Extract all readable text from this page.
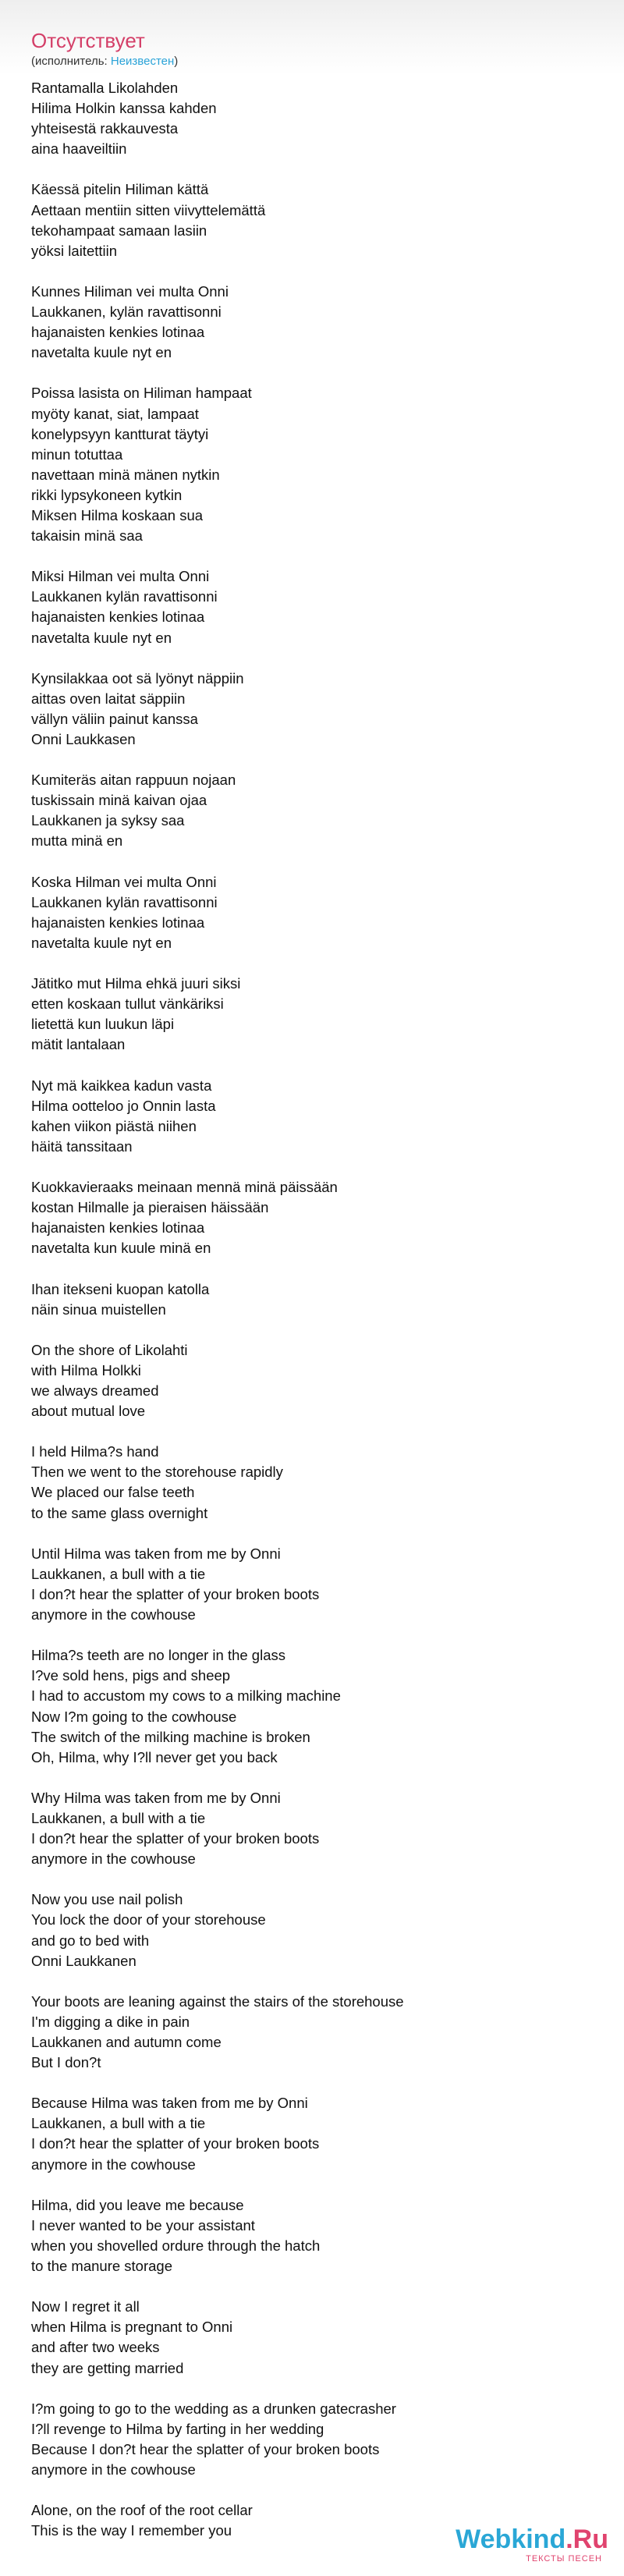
Отсутствует
(исполнитель: Неизвестен)
Rantamalla Likolahden
Hilima Holkin kanssa kahden
yhteisestä rakkauvesta
aina haaveiltiin
Käessä pitelin Hiliman kättä
Aettaan mentiin sitten viivyttelemättä
tekohampaat samaan lasiin
yöksi laitettiin
Kunnes Hiliman vei multa Onni
Laukkanen, kylän ravattisonni
hajanaisten kenkies lotinaa
navetalta kuule nyt en
Poissa lasista on Hiliman hampaat
myöty kanat, siat, lampaat
konelypsyyn kantturat täytyi
minun totuttaa
navettaan minä mänen nytkin
rikki lypsykoneen kytkin
Miksen Hilma koskaan sua
takaisin minä saa
Miksi Hilman vei multa Onni
Laukkanen kylän ravattisonni
hajanaisten kenkies lotinaa
navetalta kuule nyt en
Kynsilakkaa oot sä lyönyt näppiin
aittas oven laitat säppiin
vällyn väliin painut kanssa
Onni Laukkasen
Kumiteräs aitan rappuun nojaan
tuskissain minä kaivan ojaa
Laukkanen ja syksy saa
mutta minä en
Koska Hilman vei multa Onni
Laukkanen kylän ravattisonni
hajanaisten kenkies lotinaa
navetalta kuule nyt en
Jätitko mut Hilma ehkä juuri siksi
etten koskaan tullut vänkäriksi
lietettä kun luukun läpi
mätit lantalaan
Nyt mä kaikkea kadun vasta
Hilma ootteloo jo Onnin lasta
kahen viikon piästä niihen
häitä tanssitaan
Kuokkavieraaks meinaan mennä minä päissään
kostan Hilmalle ja pieraisen häissään
hajanaisten kenkies lotinaa
navetalta kun kuule minä en
Ihan itekseni kuopan katolla
näin sinua muistellen
On the shore of Likolahti
with Hilma Holkki
we always dreamed
about mutual love
I held Hilma?s hand
Then we went to the storehouse rapidly
We placed our false teeth
to the same glass overnight
Until Hilma was taken from me by Onni
Laukkanen, a bull with a tie
I don?t hear the splatter of your broken boots
anymore in the cowhouse
Hilma?s teeth are no longer in the glass
I?ve sold hens, pigs and sheep
I had to accustom my cows to a milking machine
Now I?m going to the cowhouse
The switch of the milking machine is broken
Oh, Hilma, why I?ll never get you back
Why Hilma was taken from me by Onni
Laukkanen, a bull with a tie
I don?t hear the splatter of your broken boots
anymore in the cowhouse
Now you use nail polish
You lock the door of your storehouse
and go to bed with
Onni Laukkanen
Your boots are leaning against the stairs of the storehouse
I'm digging a dike in pain
Laukkanen and autumn come
But I don?t
Because Hilma was taken from me by Onni
Laukkanen, a bull with a tie
I don?t hear the splatter of your broken boots
anymore in the cowhouse
Hilma, did you leave me because
I never wanted to be your assistant
when you shovelled ordure through the hatch
to the manure storage
Now I regret it all
when Hilma is pregnant to Onni
and after two weeks
they are getting married
I?m going to go to the wedding as a drunken gatecrasher
I?ll revenge to Hilma by farting in her wedding
Because I don?t hear the splatter of your broken boots
anymore in the cowhouse
Alone, on the roof of the root cellar
This is the way I remember you	Webkind.Ru
ТЕКСТЫ ПЕСЕН
